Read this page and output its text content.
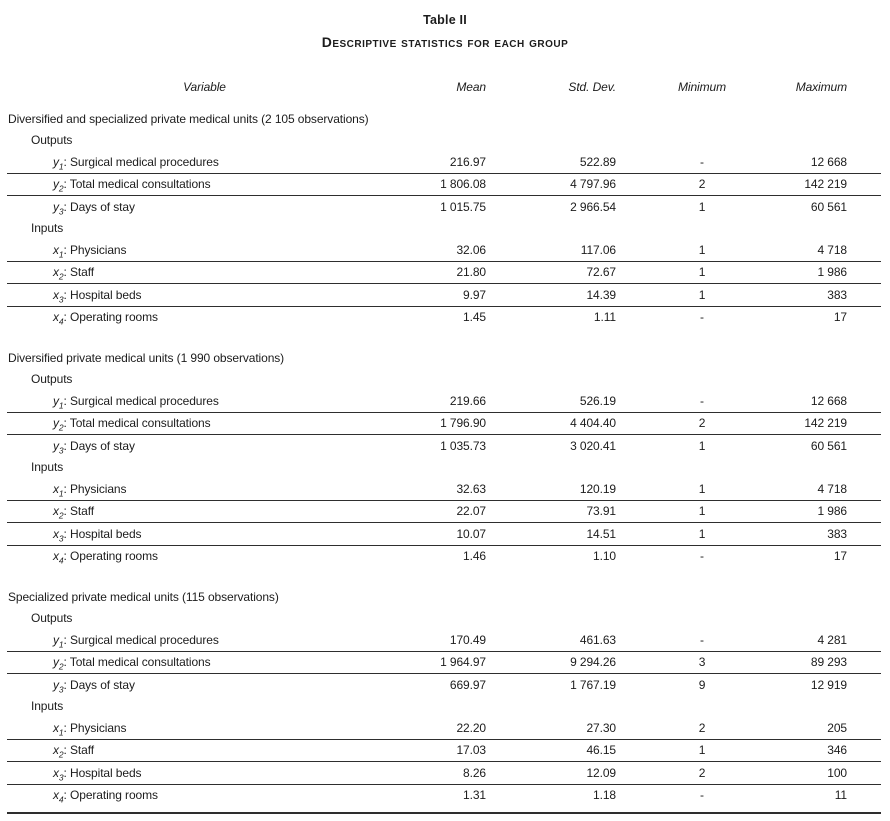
Table II
Descriptive statistics for each group
Variable	Mean	Std. Dev.	Minimum	Maximum
Diversified and specialized private medical units (2 105 observations)				
Outputs				
$y_1$: Surgical medical procedures	216.97	522.89	-	12 668
$y_2$: Total medical consultations	1 806.08	4 797.96	2	142 219
$y_3$: Days of stay	1 015.75	2 966.54	1	60 561
Inputs				
$x_1$: Physicians	32.06	117.06	1	4 718
$x_2$: Staff	21.80	72.67	1	1 986
$x_3$: Hospital beds	9.97	14.39	1	383
$x_4$: Operating rooms	1.45	1.11	-	17

Diversified private medical units (1 990 observations)				
Outputs				
$y_1$: Surgical medical procedures	219.66	526.19	-	12 668
$y_2$: Total medical consultations	1 796.90	4 404.40	2	142 219
$y_3$: Days of stay	1 035.73	3 020.41	1	60 561
Inputs				
$x_1$: Physicians	32.63	120.19	1	4 718
$x_2$: Staff	22.07	73.91	1	1 986
$x_3$: Hospital beds	10.07	14.51	1	383
$x_4$: Operating rooms	1.46	1.10	-	17

Specialized private medical units (115 observations)				
Outputs				
$y_1$: Surgical medical procedures	170.49	461.63	-	4 281
$y_2$: Total medical consultations	1 964.97	9 294.26	3	89 293
$y_3$: Days of stay	669.97	1 767.19	9	12 919
Inputs				
$x_1$: Physicians	22.20	27.30	2	205
$x_2$: Staff	17.03	46.15	1	346
$x_3$: Hospital beds	8.26	12.09	2	100
$x_4$: Operating rooms	1.31	1.18	-	11
